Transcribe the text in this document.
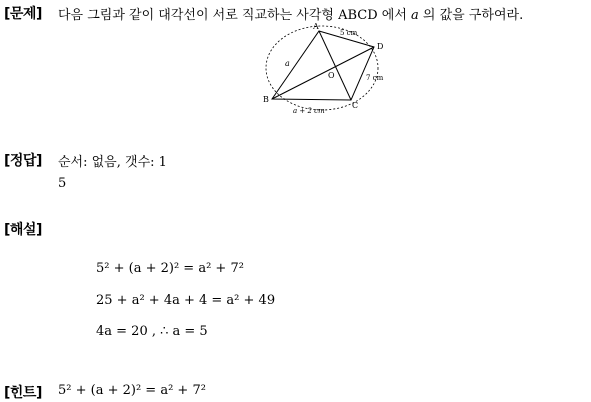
[문제] 다음 그림과 같이 대각선이 서로 직교하는 사각형 ABCD 에서 a 의 값을 구하여라.
A
B
C
D
O
5 cm
7 cm
a
a + 2 cm
[정답] 순서: 없음, 갯수: 1
5
[해설]
5² + (a + 2)² = a² + 7²
25 + a² + 4a + 4 = a² + 49
4a = 20 , ∴ a = 5
[힌트] 5² + (a + 2)² = a² + 7²
